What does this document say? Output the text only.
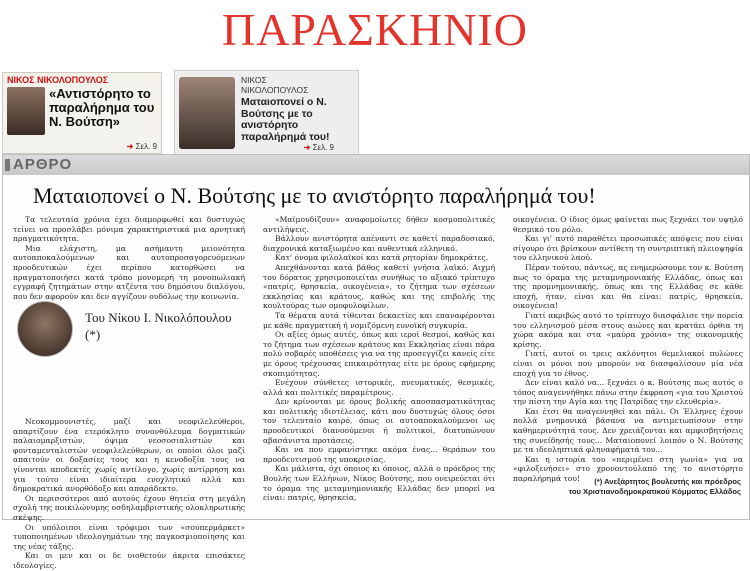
ΠΑΡΑΣΚΗΝΙΟ
ΝΙΚΟΣ ΝΙΚΟΛΟΠΟΥΛΟΣ
«Αντιστόρητο το παραλήρημα του Ν. Βούτση»
➜ Σελ. 9
ΝΙΚΟΣ
ΝΙΚΟΛΟΠΟΥΛΟΣ
Ματαιοπονεί ο Ν. Βούτσης με το ανιστόρητο παραλήρημά του!
➜ Σελ. 9
ΑΡΘΡΟ
Ματαιοπονεί ο Ν. Βούτσης με το ανιστόρητο παραλήρημά του!

Τα τελευταία χρόνια έχει διαμορφωθεί και δυστυχώς τείνει να προσλάβει μόνιμα χαρακτηριστικά μια αρνητική πραγματικότητα.

Μια ελάχιστη, μα ασήμαντη μειονότητα αυτοαποκαλούμενων και αυτοπροσαγορευόμενων προοδευτικών έχει περίπου κατορθώσει να πραγματοποιήσει κατά τρόπο μονομερή τη μονοπωλιακή εγγραφή ζητημάτων στην ατζέντα του δημόσιου διαλόγου, που δεν αφορούν και δεν αγγίζουν ουδόλως την κοινωνία.

Του Νίκου Ι. Νικολόπουλου (*)

Νεοκομμουνιστές, μαζί και νεοφιλελεύθεροι, απαρτίζουν ένα ετερόκλητο συνονθύλευμα δογματικών παλαιομαρξιστών, όψιμα νεοσοσιαλιστών και φονταμενταλιστών νεοφιλελεύθερων, οι οποίοι όλοι μαζί απαιτούν οι δοξασίες τους και η κενοδοξία τους να γίνονται αποδεκτές χωρίς αντίλογο, χωρίς αντίρρηση και για τούτο είναι ιδιαίτερα ενοχλητικό αλλά και δημοκρατικά ανορθόδοξο και απαράδεκτο.

Οι περισσότεροι από αυτούς έχουν θητεία στη μεγάλη σχολή της ποικιλώνυμης οσδηλαμβριστικής ολοκληρωτικής σκέψης.

Οι υπόλοιποι είναι τρόφιμοι των «σουπερμάρκετ» τυποποιημένων ιδεολογημάτων της παγκοσμιοποίησης και της νέας τάξης.

Και οι μεν και οι δε υιοθετούν άκριτα επισάκτες ιδεολογίες.

«Μαϊμουδίζουν» αναφομοίωτες δήθεν κοσμοπολιτικές αντιλήψεις.

Βάλλουν ανιστόρητα απέναντι σε καθετί παραδοσιακό, διαχρονικά καταξιωμένο και αυθεντικά ελληνικό.

Κατ' όνομα φιλολαϊκοί και κατά ρητορίαν δημοκράτες.

Απεχθάνονται κατά βάθος καθετί γνήσια λαϊκό. Αιχμή του δόρατος χρησιμοποιείται συνήθως το αξιακό τρίπτυχο «πατρίς, θρησκεία, οικογένεια», το ζήτημα των σχέσεων εκκλησίας και κράτους, καθώς και της επιβολής της κουλτούρας των ομοφυλοφίλων.

Τα θέματα αυτά τίθενται δεκαετίες και επαναφέρονται με κάθε πραγματική ή νομιζόμενη ευνοϊκή συγκυρία.

Οι αξίες όμως αυτές, όπως και ιεροί θεσμοί, καθώς και το ζήτημα των σχέσεων κράτους και Εκκλησίας είναι πάρα πολύ σοβαρές υποθέσεις για να της προσεγγίζει κανείς είτε με όρους τρέχουσας επικαιρότητας είτε με όρους εφήμερης σκοπιμότητας.

Ενέχουν σύνθετες ιστορικές, πνευματικές, θεσμικές, αλλά και πολιτικές παραμέτρους.

Δεν κρίνονται με όρους βολικής αποσπασματικότητας και πολιτικής ιδιοτέλειας, κάτι που δυστυχώς όλους όσοι τον τελευταίο καιρό, όπως οι αυτοαποκαλούμενοι ως προοδευτικοί διανοούμενοι ή πολιτικοί, διατυπώνουν αβασάνιστα προτάσεις.

Και να που εμφανίστηκε ακόμα ένας... θεράπων του προοδευτισμού της υποκρισίας.

Και μάλιστα, όχι όποιος κι όποιος, αλλά ο πρόεδρος της Βουλής των Ελλήνων, Νίκος Βούτσης, που ονειρεύεται ότι το όραμα της μεταμνημονιακής Ελλάδας δεν μπορεί να είναι: πατρίς, θρησκεία,

οικογένεια. Ο ίδιος όμως φαίνεται πως ξεχνάει τον υψηλό θεσμικό του ρόλο.

Και γι' αυτό παραθέτει προσωπικές απόψεις που είναι σίγουρο ότι βρίσκουν αντίθετη τη συντριπτική πλειοψηφία του ελληνικού λαού.

Πέραν τούτου, πάντως, ας ενημερώσουμε τον κ. Βούτση πως το όραμα της μεταμνημονιακής Ελλάδας, όπως και της προμνημονιακής, όπως και της Ελλάδας σε κάθε εποχή, ήταν, είναι και θα είναι: πατρίς, θρησκεία, οικογένεια!

Γιατί ακριβώς αυτό το τρίπτυχο διασφάλισε την πορεία του ελληνισμού μέσα στους αιώνες και κρατάει όρθια τη χώρα ακόμα και στα «μαύρα χρόνια» της οικονομικής κρίσης.

Γιατί, αυτοί οι τρεις ακλόνητοι θεμελιακοί πυλώνες είναι οι μόνοι που μπορούν να διασφαλίσουν μία νέα εποχή για το έθνος.

Δεν είναι καλό να... ξεχνάει ο κ. Βούτσης πως αυτός ο τόπος αναγεννήθηκε πάνω στην έκφραση «για του Χριστού την πίστη την Αγία και της Πατρίδας την ελευθερία».

Και έτσι θα αναγεννηθεί και πάλι. Οι Έλληνες έχουν πολλά μνημονικά βάσανα να αντιμετωπίσουν στην καθημερινότητά τους. Δεν χρειάζονται και αμφισβητήσεις της συνείδησής τους... Ματαιοπονεί λοιπόν ο Ν. Βούτσης με τα ιδεοληπτικά φληναφήματά του...

Και η ιστορία του «περιμένει στη γωνία» για να «φιλοξενήσει» στο χρονοντούλαπό της το ανιστόρητο παραλήρημά του!	(*) Ανεξάρτητος βουλευτής και πρόεδρος
του Χριστιανοδημοκρατικού Κόμματος Ελλάδος
